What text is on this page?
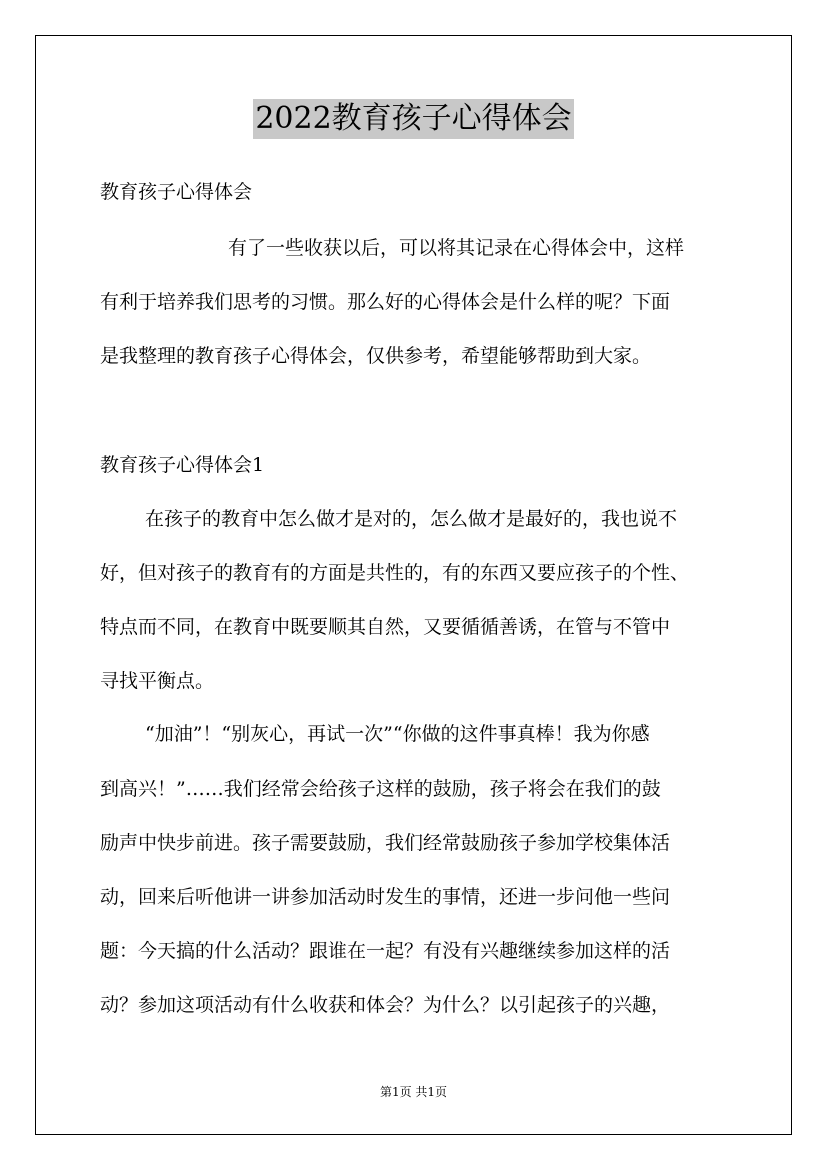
2022教育孩子心得体会
教育孩子心得体会
有了一些收获以后，可以将其记录在心得体会中，这样
有利于培养我们思考的习惯。那么好的心得体会是什么样的呢？下面
是我整理的教育孩子心得体会，仅供参考，希望能够帮助到大家。
教育孩子心得体会1
在孩子的教育中怎么做才是对的，怎么做才是最好的，我也说不
好，但对孩子的教育有的方面是共性的，有的东西又要应孩子的个性、
特点而不同，在教育中既要顺其自然，又要循循善诱，在管与不管中
寻找平衡点。
“加油”！“别灰心，再试一次”“你做的这件事真棒！我为你感
到高兴！”……我们经常会给孩子这样的鼓励，孩子将会在我们的鼓
励声中快步前进。孩子需要鼓励，我们经常鼓励孩子参加学校集体活
动，回来后听他讲一讲参加活动时发生的事情，还进一步问他一些问
题：今天搞的什么活动？跟谁在一起？有没有兴趣继续参加这样的活
动？参加这项活动有什么收获和体会？为什么？以引起孩子的兴趣，
第1页 共1页
